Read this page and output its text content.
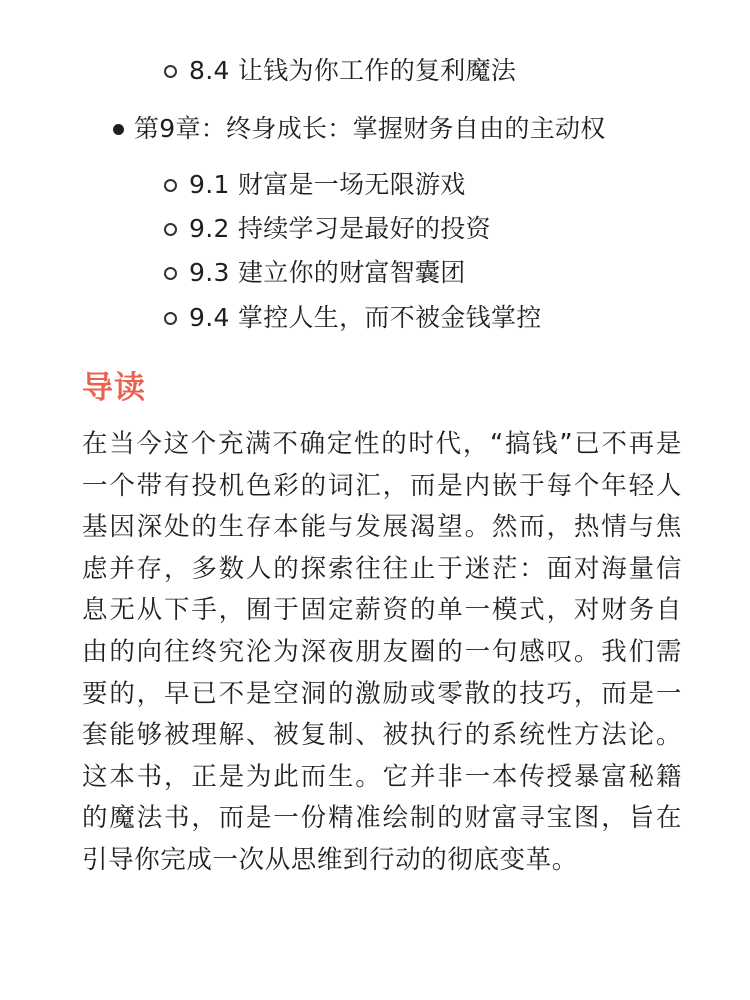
8.4 让钱为你工作的复利魔法
第9章：终身成长：掌握财务自由的主动权
9.1 财富是一场无限游戏
9.2 持续学习是最好的投资
9.3 建立你的财富智囊团
9.4 掌控人生，而不被金钱掌控
导读

在当今这个充满不确定性的时代，“搞钱”已不再是一个带有投机色彩的词汇，而是内嵌于每个年轻人基因深处的生存本能与发展渴望。然而，热情与焦虑并存，多数人的探索往往止于迷茫：面对海量信息无从下手，囿于固定薪资的单一模式，对财务自由的向往终究沦为深夜朋友圈的一句感叹。我们需要的，早已不是空洞的激励或零散的技巧，而是一套能够被理解、被复制、被执行的系统性方法论。这本书，正是为此而生。它并非一本传授暴富秘籍的魔法书，而是一份精准绘制的财富寻宝图，旨在引导你完成一次从思维到行动的彻底变革。
